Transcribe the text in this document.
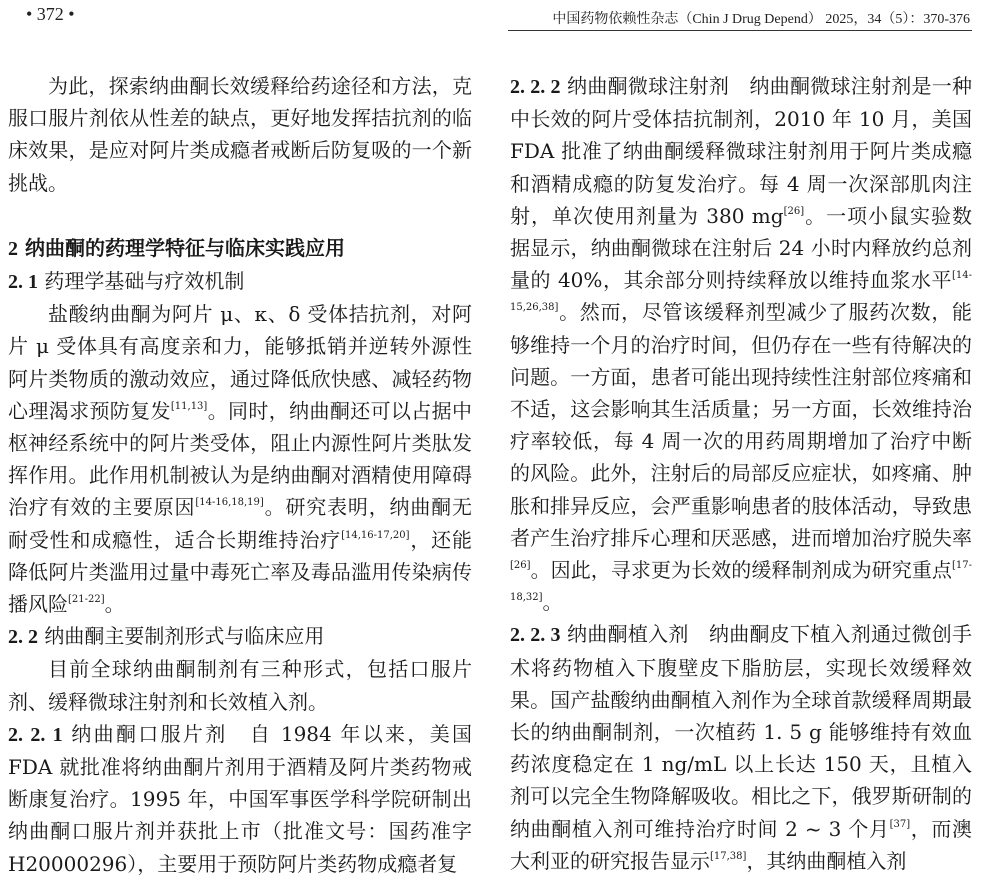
• 372 •	中国药物依赖性杂志（Chin J Drug Depend） 2025，34（5）：370-376

为此，探索纳曲酮长效缓释给药途径和方法，克服口服片剂依从性差的缺点，更好地发挥拮抗剂的临床效果，是应对阿片类成瘾者戒断后防复吸的一个新挑战。

2 纳曲酮的药理学特征与临床实践应用

2. 1 药理学基础与疗效机制

盐酸纳曲酮为阿片 μ、κ、δ 受体拮抗剂，对阿片 μ 受体具有高度亲和力，能够抵销并逆转外源性阿片类物质的激动效应，通过降低欣快感、减轻药物心理渴求预防复发[11,13]。同时，纳曲酮还可以占据中枢神经系统中的阿片类受体，阻止内源性阿片类肽发挥作用。此作用机制被认为是纳曲酮对酒精使用障碍治疗有效的主要原因[14-16,18,19]。研究表明，纳曲酮无耐受性和成瘾性，适合长期维持治疗[14,16-17,20]，还能降低阿片类滥用过量中毒死亡率及毒品滥用传染病传播风险[21-22]。

2. 2 纳曲酮主要制剂形式与临床应用

目前全球纳曲酮制剂有三种形式，包括口服片剂、缓释微球注射剂和长效植入剂。

2. 2. 1 纳曲酮口服片剂  自 1984 年以来，美国 FDA 就批准将纳曲酮片剂用于酒精及阿片类药物戒断康复治疗。1995 年，中国军事医学科学院研制出纳曲酮口服片剂并获批上市（批准文号：国药准字 H20000296），主要用于预防阿片类药物成瘾者复

2. 2. 2 纳曲酮微球注射剂  纳曲酮微球注射剂是一种中长效的阿片受体拮抗制剂，2010 年 10 月，美国 FDA 批准了纳曲酮缓释微球注射剂用于阿片类成瘾和酒精成瘾的防复发治疗。每 4 周一次深部肌肉注射，单次使用剂量为 380 mg[26]。一项小鼠实验数据显示，纳曲酮微球在注射后 24 小时内释放约总剂量的 40%，其余部分则持续释放以维持血浆水平[14-15,26,38]。然而，尽管该缓释剂型减少了服药次数，能够维持一个月的治疗时间，但仍存在一些有待解决的问题。一方面，患者可能出现持续性注射部位疼痛和不适，这会影响其生活质量；另一方面，长效维持治疗率较低，每 4 周一次的用药周期增加了治疗中断的风险。此外，注射后的局部反应症状，如疼痛、肿胀和排异反应，会严重影响患者的肢体活动，导致患者产生治疗排斥心理和厌恶感，进而增加治疗脱失率[26]。因此，寻求更为长效的缓释制剂成为研究重点[17-18,32]。

2. 2. 3 纳曲酮植入剂  纳曲酮皮下植入剂通过微创手术将药物植入下腹壁皮下脂肪层，实现长效缓释效果。国产盐酸纳曲酮植入剂作为全球首款缓释周期最长的纳曲酮制剂，一次植药 1. 5 g 能够维持有效血药浓度稳定在 1 ng/mL 以上长达 150 天，且植入剂可以完全生物降解吸收。相比之下，俄罗斯研制的纳曲酮植入剂可维持治疗时间 2 ~ 3 个月[37]，而澳大利亚的研究报告显示[17,38]，其纳曲酮植入剂
